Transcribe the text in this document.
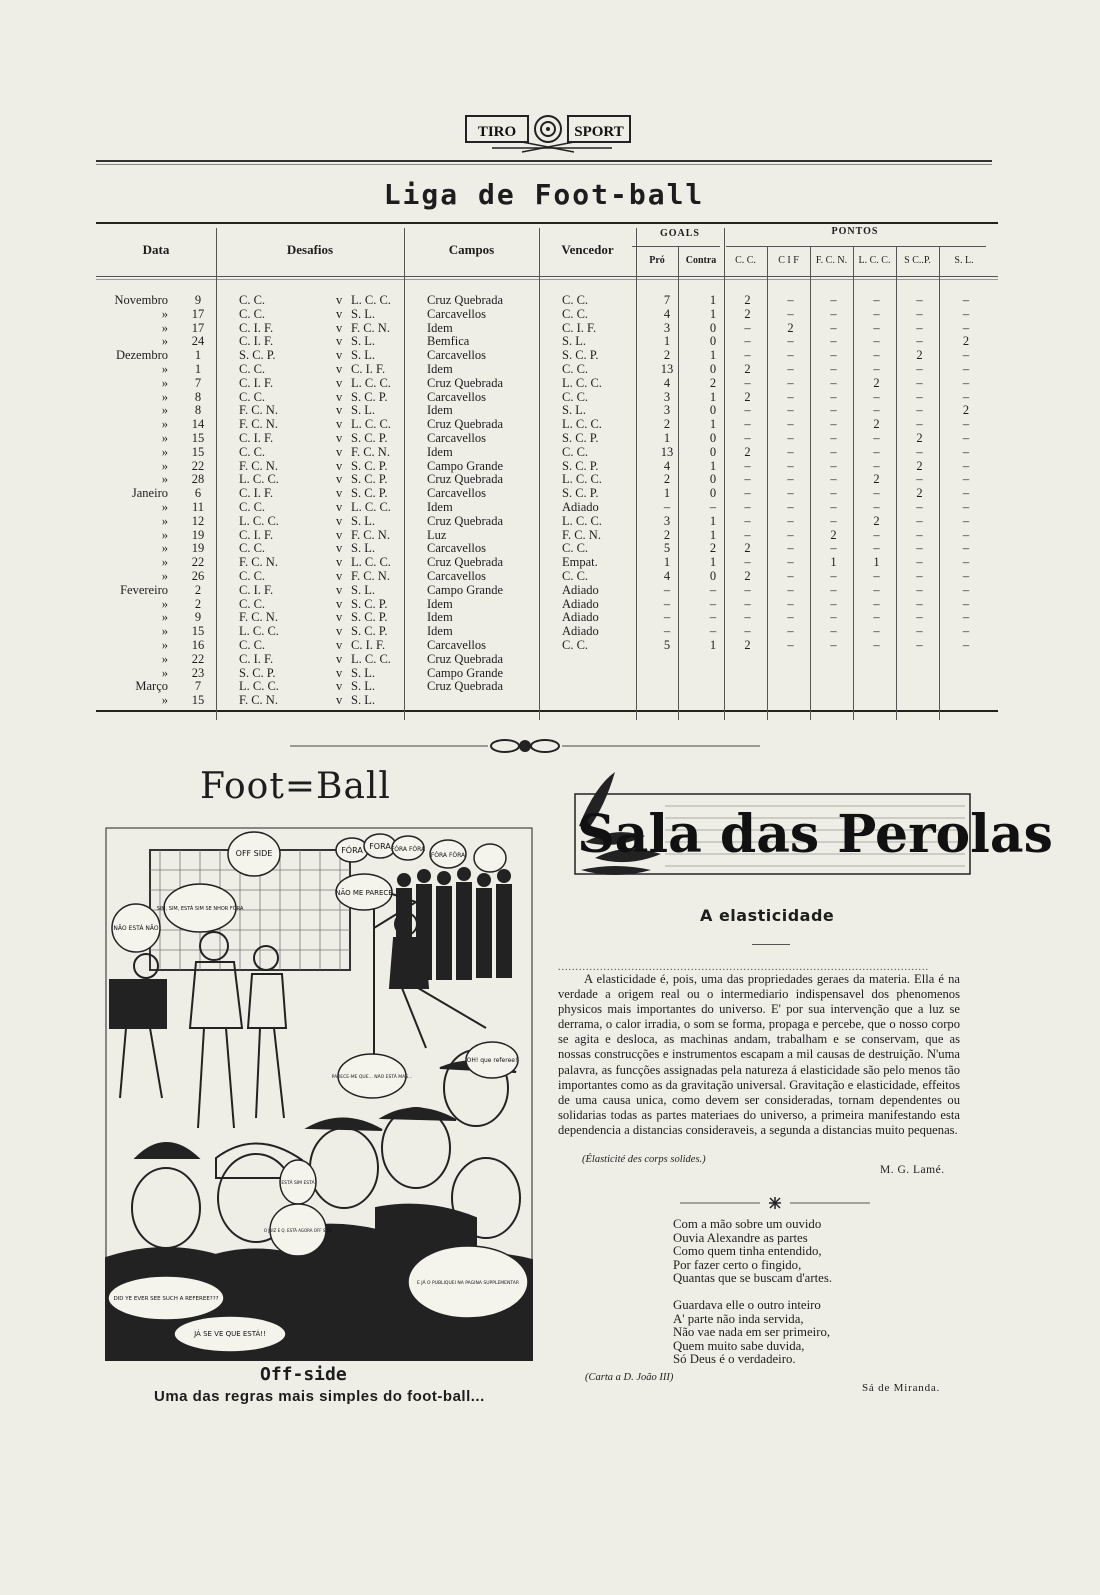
TIRO	SPORT
Liga de Foot-ball
Data	Desafios	Campos	Vencedor
GOALS
Pró	Contra
PONTOS
C. C.	C I F	F. C. N.	L. C. C.	S C..P.	S. L.
Novembro	9	C. C.	v L. C. C.	Cruz Quebrada	C. C.	7	1	2	–	–	–	–	–
»	17	C. C.	v S. L.	Carcavellos	C. C.	4	1	2	–	–	–	–	–
»	17	C. I. F.	v F. C. N.	Idem	C. I. F.	3	0	–	2	–	–	–	–
»	24	C. I. F.	v S. L.	Bemfica	S. L.	1	0	–	–	–	–	–	2
Dezembro	1	S. C. P.	v S. L.	Carcavellos	S. C. P.	2	1	–	–	–	–	2	–
»	1	C. C.	v C. I. F.	Idem	C. C.	13	0	2	–	–	–	–	–
»	7	C. I. F.	v L. C. C.	Cruz Quebrada	L. C. C.	4	2	–	–	–	2	–	–
»	8	C. C.	v S. C. P.	Carcavellos	C. C.	3	1	2	–	–	–	–	–
»	8	F. C. N.	v S. L.	Idem	S. L.	3	0	–	–	–	–	–	2
»	14	F. C. N.	v L. C. C.	Cruz Quebrada	L. C. C.	2	1	–	–	–	2	–	–
»	15	C. I. F.	v S. C. P.	Carcavellos	S. C. P.	1	0	–	–	–	–	2	–
»	15	C. C.	v F. C. N.	Idem	C. C.	13	0	2	–	–	–	–	–
»	22	F. C. N.	v S. C. P.	Campo Grande	S. C. P.	4	1	–	–	–	–	2	–
»	28	L. C. C.	v S. C. P.	Cruz Quebrada	L. C. C.	2	0	–	–	–	2	–	–
Janeiro	6	C. I. F.	v S. C. P.	Carcavellos	S. C. P.	1	0	–	–	–	–	2	–
»	11	C. C.	v L. C. C.	Idem	Adiado	–	–	–	–	–	–	–	–
»	12	L. C. C.	v S. L.	Cruz Quebrada	L. C. C.	3	1	–	–	–	2	–	–
»	19	C. I. F.	v F. C. N.	Luz	F. C. N.	2	1	–	–	2	–	–	–
»	19	C. C.	v S. L.	Carcavellos	C. C.	5	2	2	–	–	–	–	–
»	22	F. C. N.	v L. C. C.	Cruz Quebrada	Empat.	1	1	–	–	1	1	–	–
»	26	C. C.	v F. C. N.	Carcavellos	C. C.	4	0	2	–	–	–	–	–
Fevereiro	2	C. I. F.	v S. L.	Campo Grande	Adiado	–	–	–	–	–	–	–	–
»	2	C. C.	v S. C. P.	Idem	Adiado	–	–	–	–	–	–	–	–
»	9	F. C. N.	v S. C. P.	Idem	Adiado	–	–	–	–	–	–	–	–
»	15	L. C. C.	v S. C. P.	Idem	Adiado	–	–	–	–	–	–	–	–
»	16	C. C.	v C. I. F.	Carcavellos	C. C.	5	1	2	–	–	–	–	–
»	22	C. I. F.	v L. C. C.	Cruz Quebrada
»	23	S. C. P.	v S. L.	Campo Grande
Março	7	L. C. C.	v S. L.	Cruz Quebrada
»	15	F. C. N.	v S. L.
Foot=Ball
OFF SIDE	FÓRA FORA FÓRA FÓRA
FÓRA FÓRA
NÃO ME PARECE
SIM, SIM, ESTÁ SIM SE NHOR FÓRA
NÃO ESTÁ NÃO
PARECE-ME QUE... NÃO ESTÁ MAS...
OH! que referee!
ESTÁ SIM ESTÁ
O JUIZ E Q. ESTÁ AGORA OFF SIDE
E JÁ O PUBLIQUEI NA PAGINA SUPPLEMENTAR
DID YE EVER SEE SUCH A REFEREE???
JÁ SE VE QUE ESTÁ!!
Off-side
Uma das regras mais simples do foot-ball...
Sala das Perolas
A elasticidade
..........................................................................................................
A elasticidade é, pois, uma das propriedades geraes da materia. Ella é na verdade a origem real ou o intermediario indispensavel dos phenomenos physicos mais importantes do universo. E' por sua intervenção que a luz se derrama, o calor irradia, o som se forma, propaga e percebe, que o nosso corpo se agita e desloca, as machinas andam, trabalham e se conservam, que as nossas construcções e instrumentos escapam a mil causas de destruição. N'uma palavra, as funcções assignadas pela natureza á elasticidade são pelo menos tão importantes como as da gravitação universal. Gravitação e elasticidade, effeitos de uma causa unica, como devem ser consideradas, tornam dependentes ou solidarias todas as partes materiaes do universo, a primeira manifestando esta dependencia a distancias consideraveis, a segunda a distancias muito pequenas.
(Élasticité des corps solides.)
M. G. Lamé.

Com a mão sobre um ouvido
Ouvia Alexandre as partes
Como quem tinha entendido,
Por fazer certo o fingido,
Quantas que se buscam d'artes.

Guardava elle o outro inteiro
A' parte não inda servida,
Não vae nada em ser primeiro,
Quem muito sabe duvida,
Só Deus é o verdadeiro.

(Carta a D. João III)
Sá de Miranda.
